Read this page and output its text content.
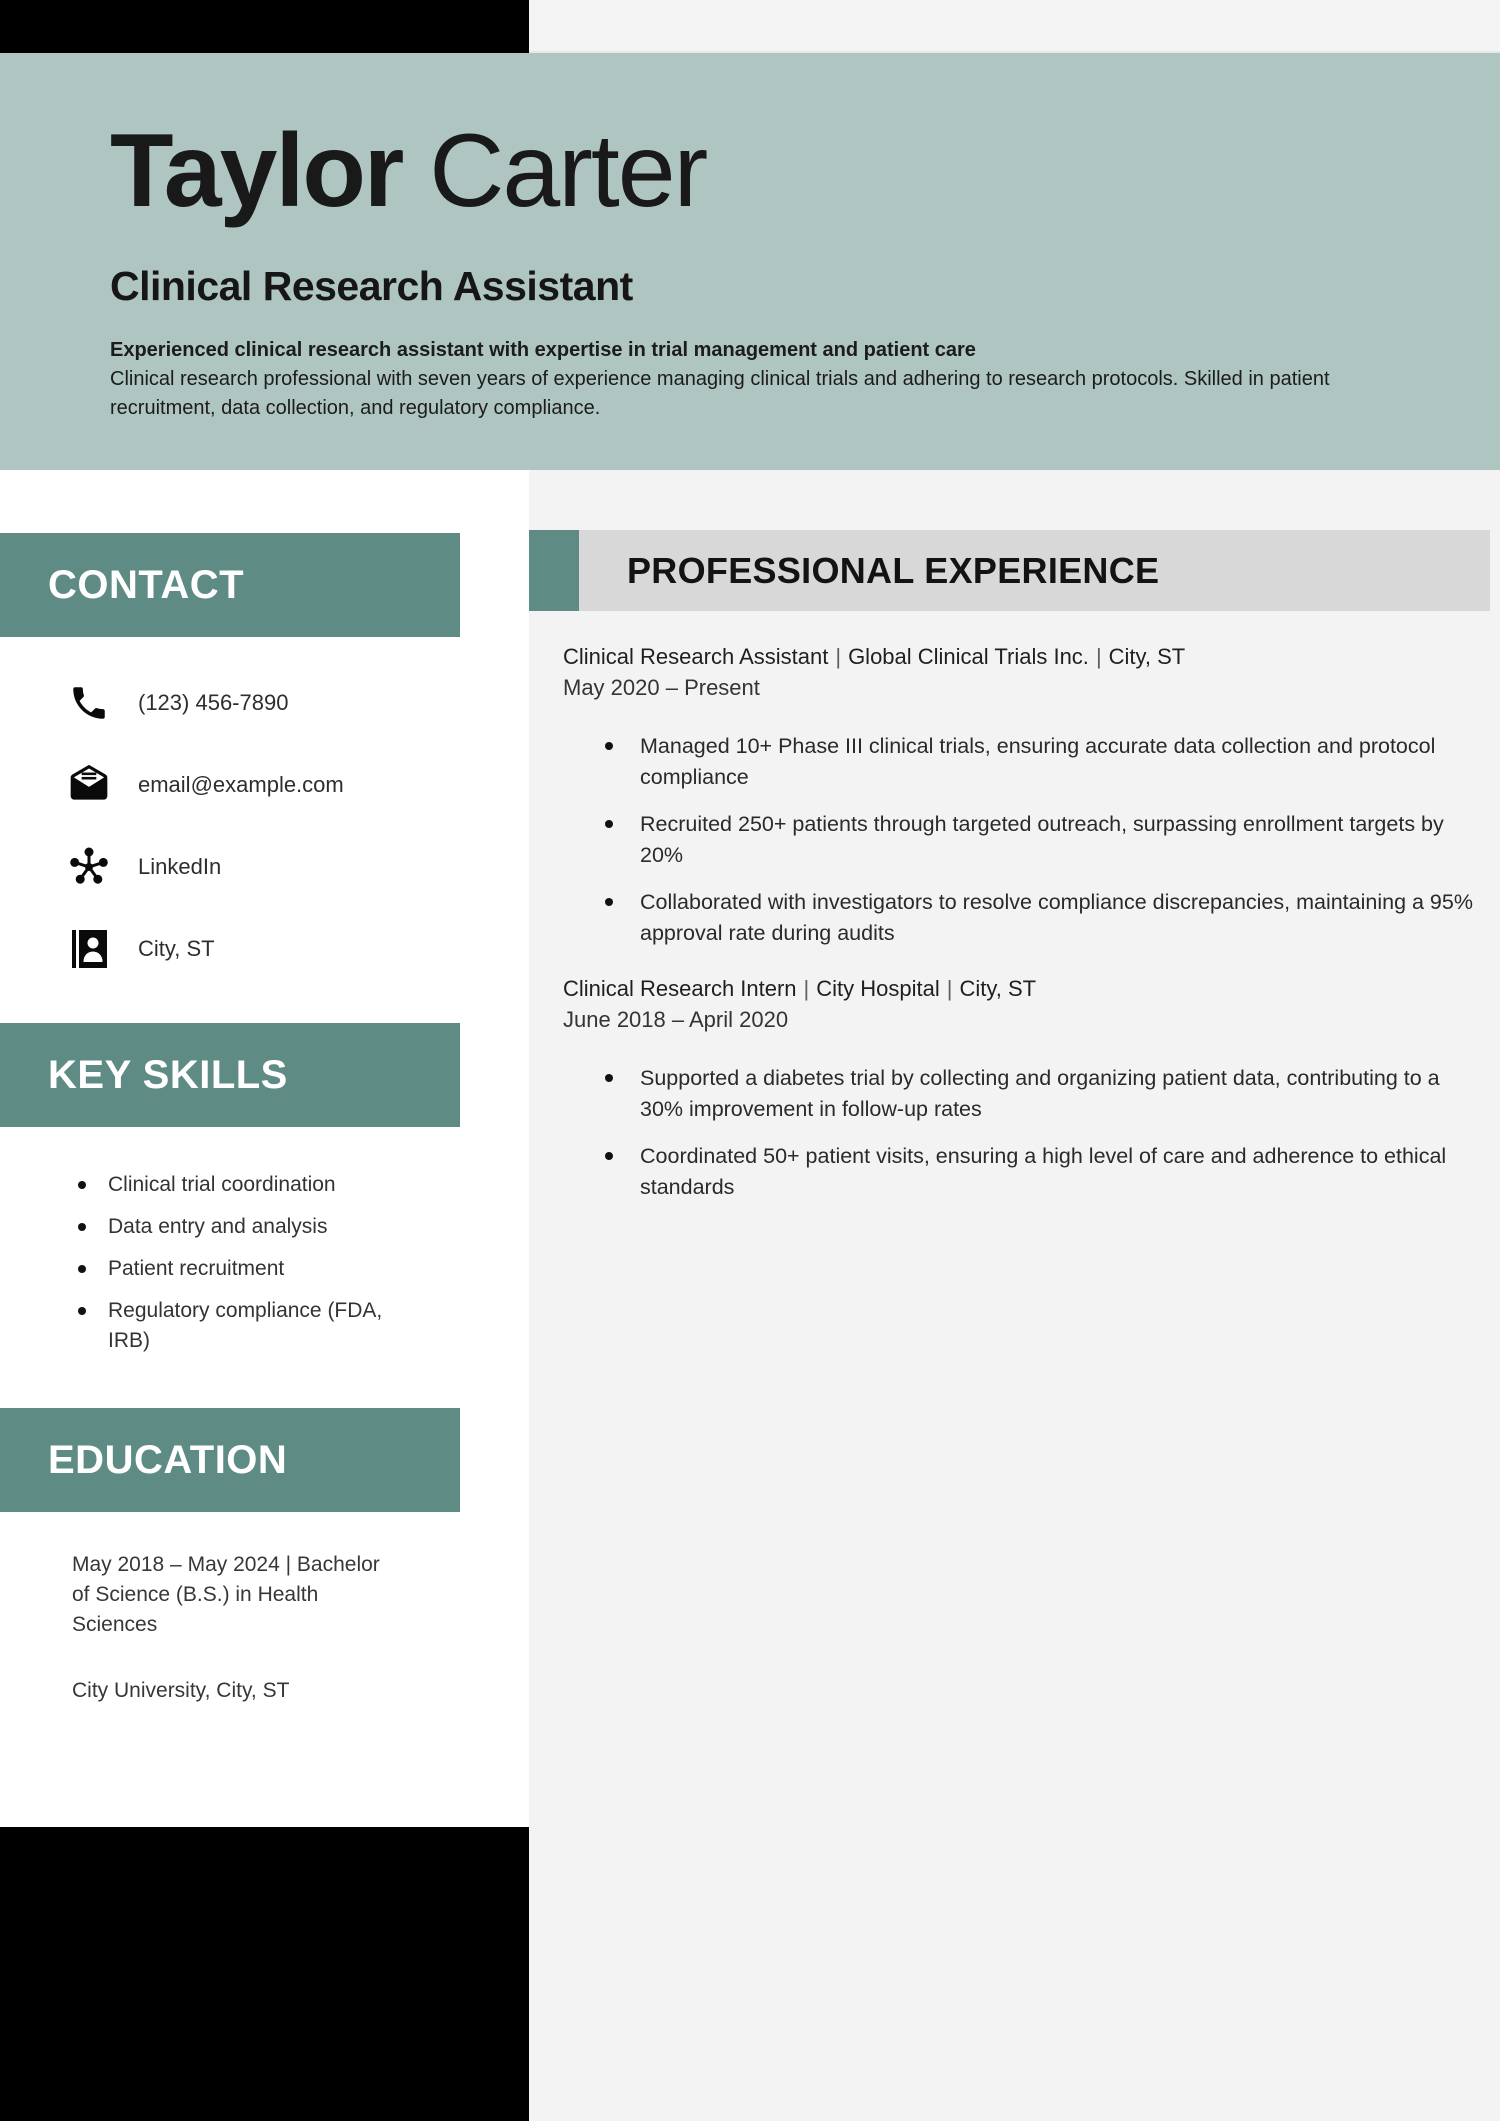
Taylor Carter
Clinical Research Assistant
Experienced clinical research assistant with expertise in trial management and patient care
Clinical research professional with seven years of experience managing clinical trials and adhering to research protocols. Skilled in patient recruitment, data collection, and regulatory compliance.
CONTACT
(123) 456-7890
email@example.com
LinkedIn
City, ST
KEY SKILLS
Clinical trial coordination
Data entry and analysis
Patient recruitment
Regulatory compliance (FDA, IRB)
EDUCATION
May 2018 – May 2024 | Bachelor of Science (B.S.) in Health Sciences
City University, City, ST
PROFESSIONAL EXPERIENCE
Clinical Research Assistant | Global Clinical Trials Inc. | City, ST
May 2020 – Present
Managed 10+ Phase III clinical trials, ensuring accurate data collection and protocol compliance
Recruited 250+ patients through targeted outreach, surpassing enrollment targets by 20%
Collaborated with investigators to resolve compliance discrepancies, maintaining a 95% approval rate during audits
Clinical Research Intern | City Hospital | City, ST
June 2018 – April 2020
Supported a diabetes trial by collecting and organizing patient data, contributing to a 30% improvement in follow-up rates
Coordinated 50+ patient visits, ensuring a high level of care and adherence to ethical standards
